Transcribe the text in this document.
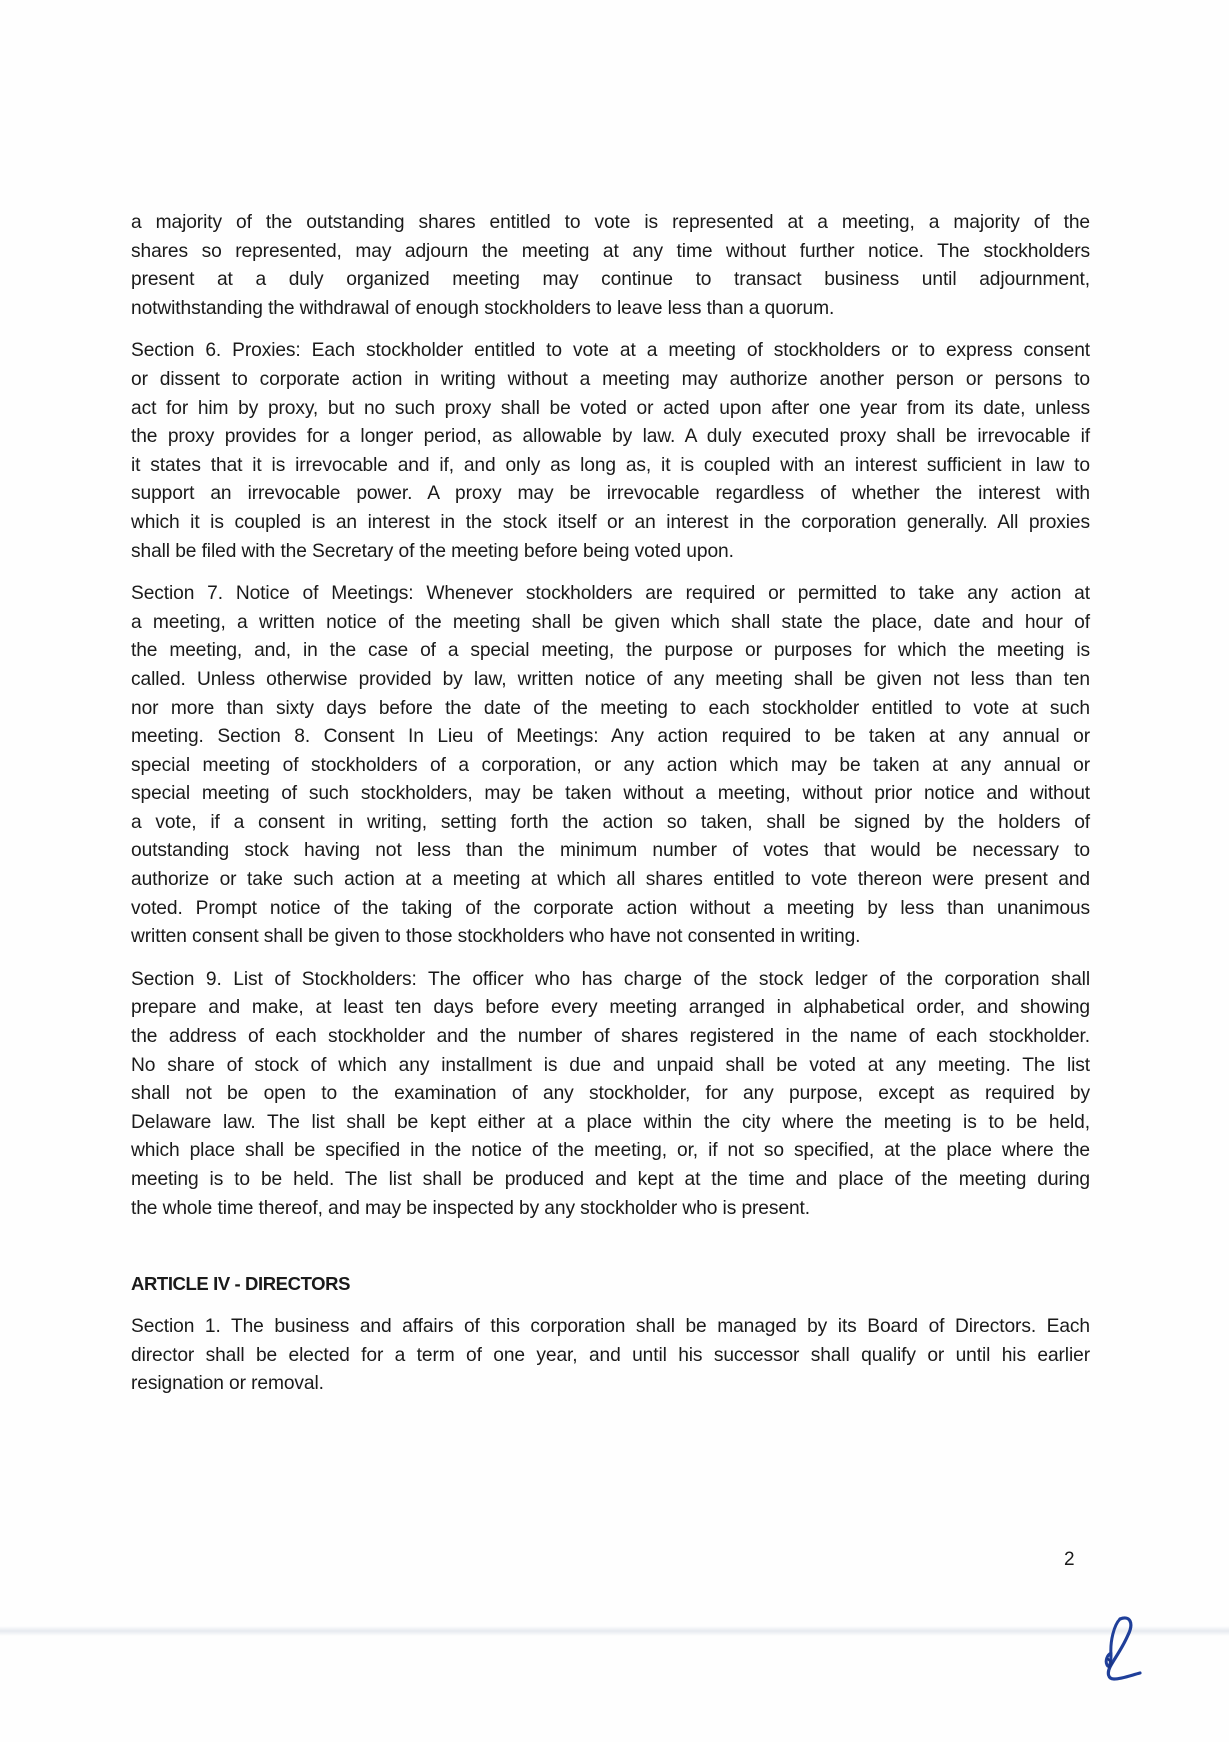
a majority of the outstanding shares entitled to vote is represented at a meeting, a majority of the
shares so represented, may adjourn the meeting at any time without further notice. The stockholders
present at a duly organized meeting may continue to transact business until adjournment,
notwithstanding the withdrawal of enough stockholders to leave less than a quorum.

Section 6. Proxies: Each stockholder entitled to vote at a meeting of stockholders or to express consent
or dissent to corporate action in writing without a meeting may authorize another person or persons to
act for him by proxy, but no such proxy shall be voted or acted upon after one year from its date, unless
the proxy provides for a longer period, as allowable by law. A duly executed proxy shall be irrevocable if
it states that it is irrevocable and if, and only as long as, it is coupled with an interest sufficient in law to
support an irrevocable power. A proxy may be irrevocable regardless of whether the interest with
which it is coupled is an interest in the stock itself or an interest in the corporation generally. All proxies
shall be filed with the Secretary of the meeting before being voted upon.

Section 7. Notice of Meetings: Whenever stockholders are required or permitted to take any action at
a meeting, a written notice of the meeting shall be given which shall state the place, date and hour of
the meeting, and, in the case of a special meeting, the purpose or purposes for which the meeting is
called. Unless otherwise provided by law, written notice of any meeting shall be given not less than ten
nor more than sixty days before the date of the meeting to each stockholder entitled to vote at such
meeting. Section 8. Consent In Lieu of Meetings: Any action required to be taken at any annual or
special meeting of stockholders of a corporation, or any action which may be taken at any annual or
special meeting of such stockholders, may be taken without a meeting, without prior notice and without
a vote, if a consent in writing, setting forth the action so taken, shall be signed by the holders of
outstanding stock having not less than the minimum number of votes that would be necessary to
authorize or take such action at a meeting at which all shares entitled to vote thereon were present and
voted. Prompt notice of the taking of the corporate action without a meeting by less than unanimous
written consent shall be given to those stockholders who have not consented in writing.

Section 9. List of Stockholders: The officer who has charge of the stock ledger of the corporation shall
prepare and make, at least ten days before every meeting arranged in alphabetical order, and showing
the address of each stockholder and the number of shares registered in the name of each stockholder.
No share of stock of which any installment is due and unpaid shall be voted at any meeting. The list
shall not be open to the examination of any stockholder, for any purpose, except as required by
Delaware law. The list shall be kept either at a place within the city where the meeting is to be held,
which place shall be specified in the notice of the meeting, or, if not so specified, at the place where the
meeting is to be held. The list shall be produced and kept at the time and place of the meeting during
the whole time thereof, and may be inspected by any stockholder who is present.

ARTICLE IV - DIRECTORS

Section 1. The business and affairs of this corporation shall be managed by its Board of Directors. Each
director shall be elected for a term of one year, and until his successor shall qualify or until his earlier
resignation or removal.

2
